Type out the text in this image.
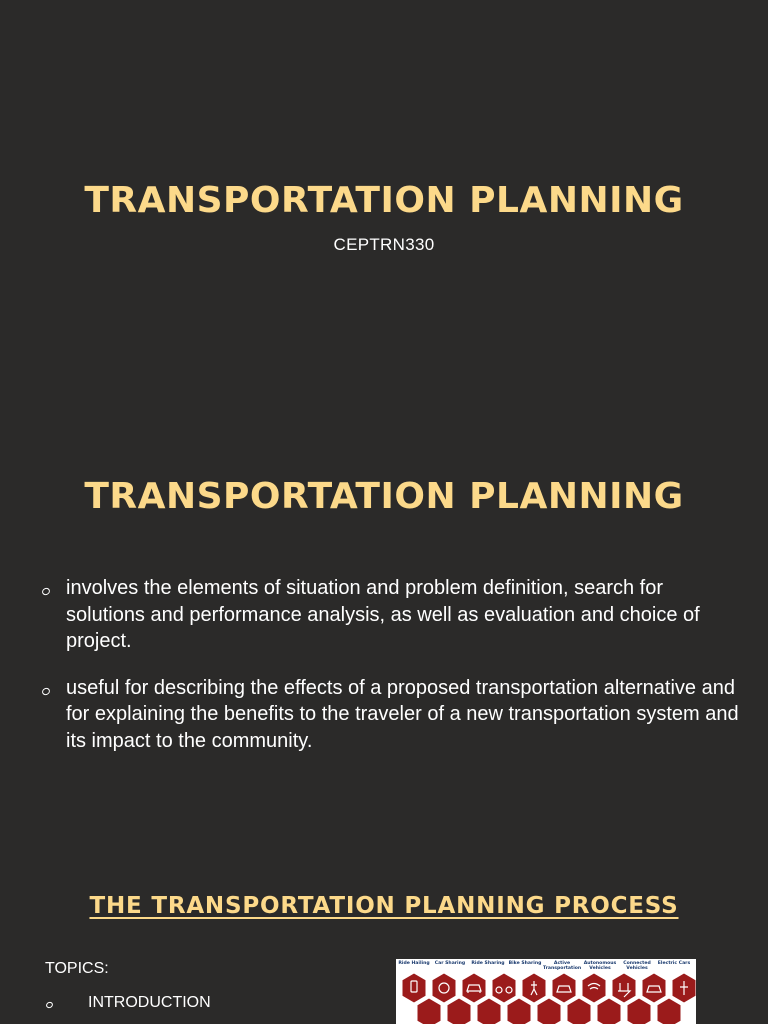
TRANSPORTATION PLANNING
CEPTRN330
TRANSPORTATION PLANNING
involves the elements of situation and problem definition, search for solutions and performance analysis, as well as evaluation and choice of project.
useful for describing the effects of a proposed transportation alternative and for explaining the benefits to the traveler of a new transportation system and its impact to the community.
THE TRANSPORTATION PLANNING PROCESS
TOPICS:
INTRODUCTION
Ride Hailing	Car Sharing	Ride Sharing Bike Sharing	Active Transportation
Autonomous Vehicles
Connected Vehicles
Electric Cars
